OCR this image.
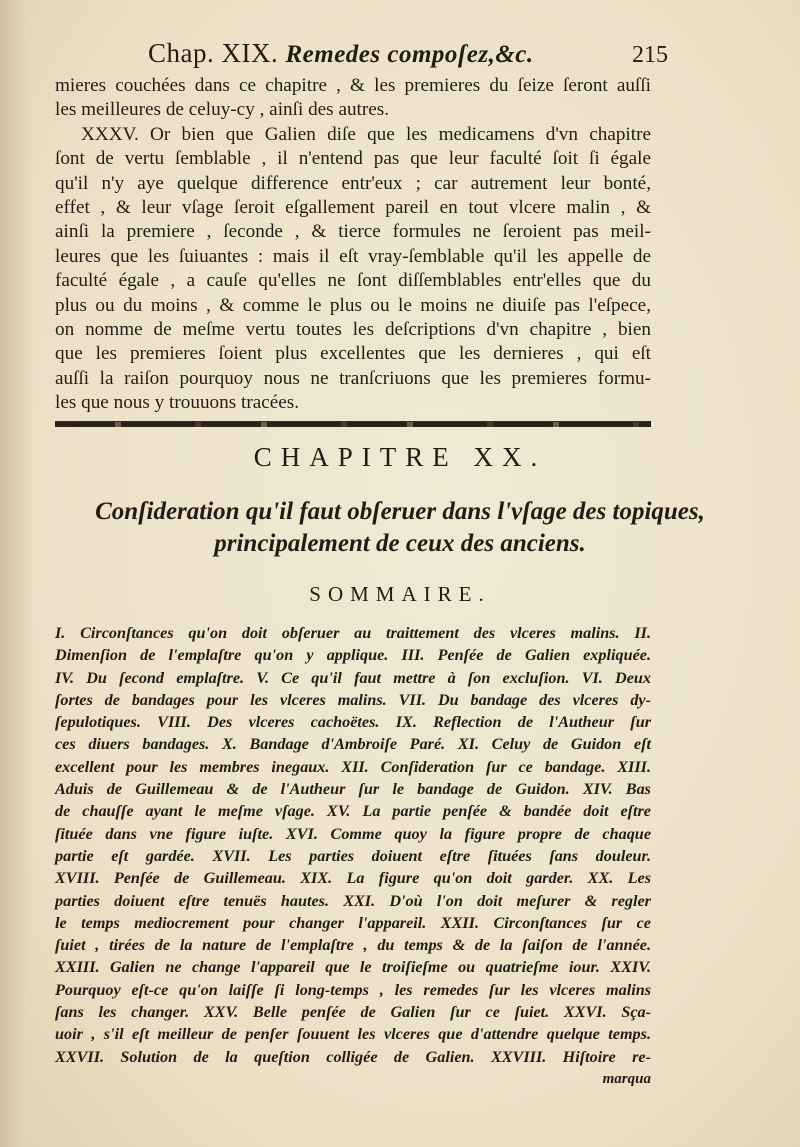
Chap. XIX. Remedes compoſez,&c.	215
mieres couchées dans ce chapitre , & les premieres du ſeize ſeront auſſi
les meilleures de celuy-cy , ainſi des autres.
XXXV. Or bien que Galien diſe que les medicamens d'vn chapitre
ſont de vertu ſemblable , il n'entend pas que leur faculté ſoit ſi égale
qu'il n'y aye quelque difference entr'eux ; car autrement leur bonté,
effet , & leur vſage ſeroit eſgallement pareil en tout vlcere malin , &
ainſi la premiere , ſeconde , & tierce formules ne ſeroient pas meil-
leures que les ſuiuantes : mais il eſt vray-ſemblable qu'il les appelle de
faculté égale , a cauſe qu'elles ne ſont diſſemblables entr'elles que du
plus ou du moins , & comme le plus ou le moins ne diuiſe pas l'eſpece,
on nomme de meſme vertu toutes les deſcriptions d'vn chapitre , bien
que les premieres ſoient plus excellentes que les dernieres , qui eſt
auſſi la raiſon pourquoy nous ne tranſcriuons que les premieres formu-
les que nous y trouuons tracées.
CHAPITRE XX.
Conſideration qu'il faut obſeruer dans l'vſage des topiques,
principalement de ceux des anciens.
SOMMAIRE.
I. Circonſtances qu'on doit obſeruer au traittement des vlceres malins. II.
Dimenſion de l'emplaſtre qu'on y applique. III. Penſée de Galien expliquée.
IV. Du ſecond emplaſtre. V. Ce qu'il faut mettre à ſon excluſion. VI. Deux
ſortes de bandages pour les vlceres malins. VII. Du bandage des vlceres dy-
ſepulotiques. VIII. Des vlceres cachoëtes. IX. Reflection de l'Autheur ſur
ces diuers bandages. X. Bandage d'Ambroiſe Paré. XI. Celuy de Guidon eſt
excellent pour les membres inegaux. XII. Conſideration ſur ce bandage. XIII.
Aduis de Guillemeau & de l'Autheur ſur le bandage de Guidon. XIV. Bas
de chauſſe ayant le meſme vſage. XV. La partie penſée & bandée doit eſtre
ſituée dans vne figure iuſte. XVI. Comme quoy la figure propre de chaque
partie eſt gardée. XVII. Les parties doiuent eſtre ſituées ſans douleur.
XVIII. Penſée de Guillemeau. XIX. La figure qu'on doit garder. XX. Les
parties doiuent eſtre tenuës hautes. XXI. D'où l'on doit meſurer & regler
le temps mediocrement pour changer l'appareil. XXII. Circonſtances ſur ce
ſuiet , tirées de la nature de l'emplaſtre , du temps & de la ſaiſon de l'année.
XXIII. Galien ne change l'appareil que le troiſieſme ou quatrieſme iour. XXIV.
Pourquoy eſt-ce qu'on laiſſe ſi long-temps , les remedes ſur les vlceres malins
ſans les changer. XXV. Belle penſée de Galien ſur ce ſuiet. XXVI. Sça-
uoir , s'il eſt meilleur de penſer ſouuent les vlceres que d'attendre quelque temps.
XXVII. Solution de la queſtion colligée de Galien. XXVIII. Hiſtoire re-
marqua
